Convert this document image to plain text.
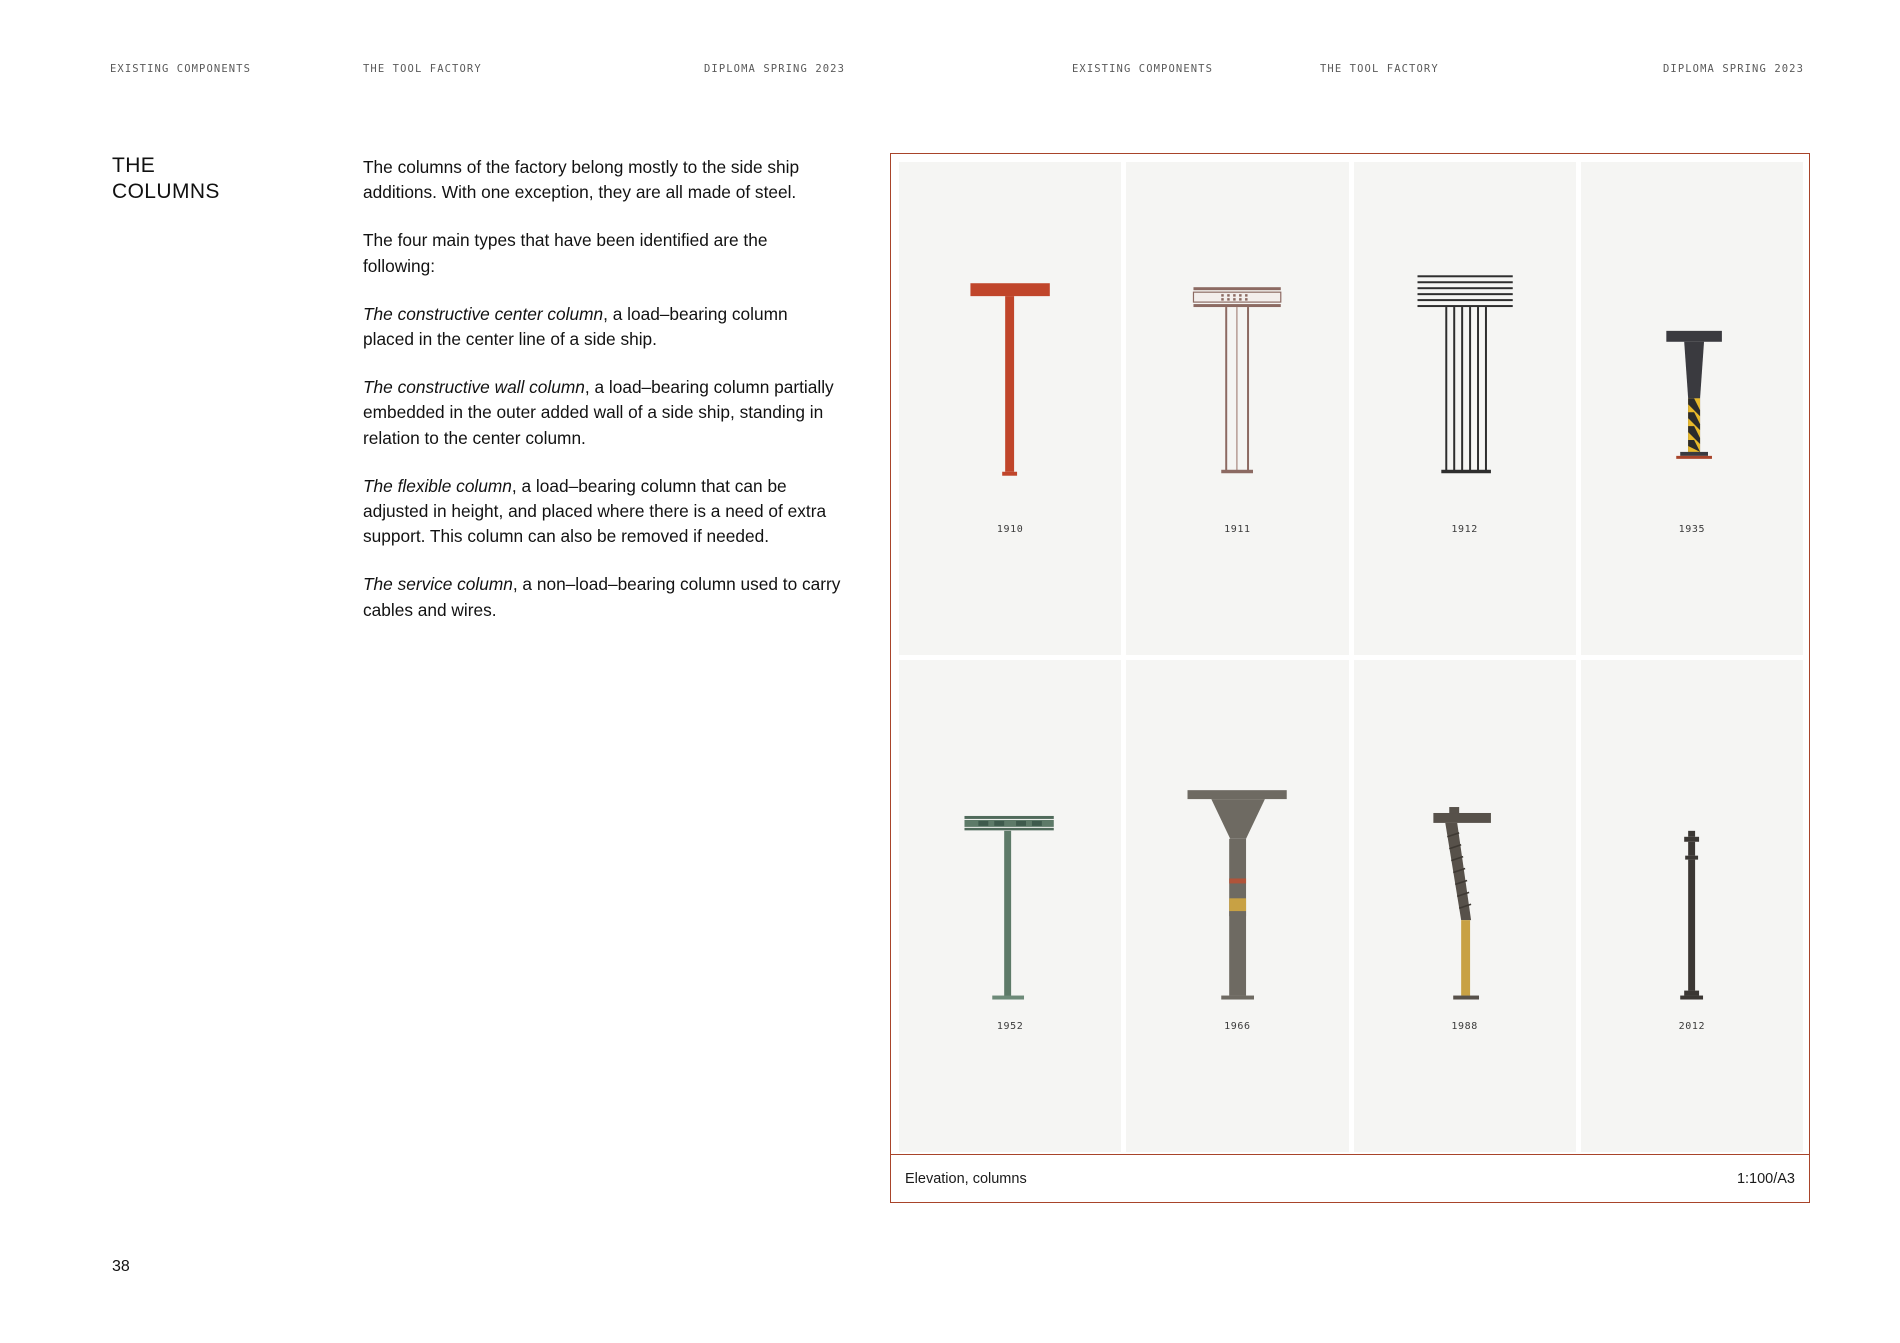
EXISTING COMPONENTS	THE TOOL FACTORY	DIPLOMA SPRING 2023	EXISTING COMPONENTS	THE TOOL FACTORY	DIPLOMA SPRING 2023
THE
COLUMNS

The columns of the factory belong mostly to the side ship additions. With one exception, they are all made of steel.

The four main types that have been identified are the following:

The constructive center column, a load–bearing column placed in the center line of a side ship.

The constructive wall column, a load–bearing column partially embedded in the outer added wall of a side ship, standing in relation to the center column.

The flexible column, a load–bearing column that can be adjusted in height, and placed where there is a need of extra support. This column can also be removed if needed.

The service column, a non–load–bearing column used to carry cables and wires.

1910	1911	1912	1935
1952	1966	1988	2012
Elevation, columns	1:100/A3
38
